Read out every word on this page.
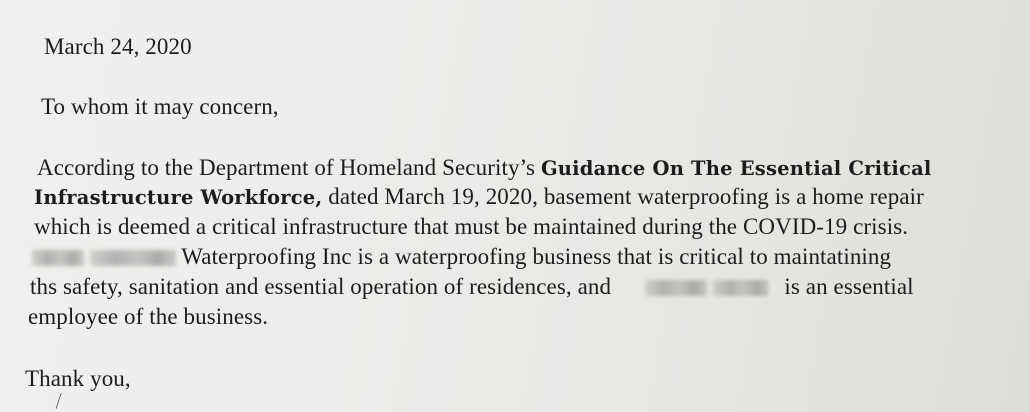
March 24, 2020
To whom it may concern,
According to the Department of Homeland Security’s Guidance On The Essential Critical
Infrastructure Workforce, dated March 19, 2020, basement waterproofing is a home repair
which is deemed a critical infrastructure that must be maintained during the COVID-19 crisis.
Waterproofing Inc is a waterproofing business that is critical to maintatining
ths safety, sanitation and essential operation of residences, and	is an essential
employee of the business.
Thank you,
